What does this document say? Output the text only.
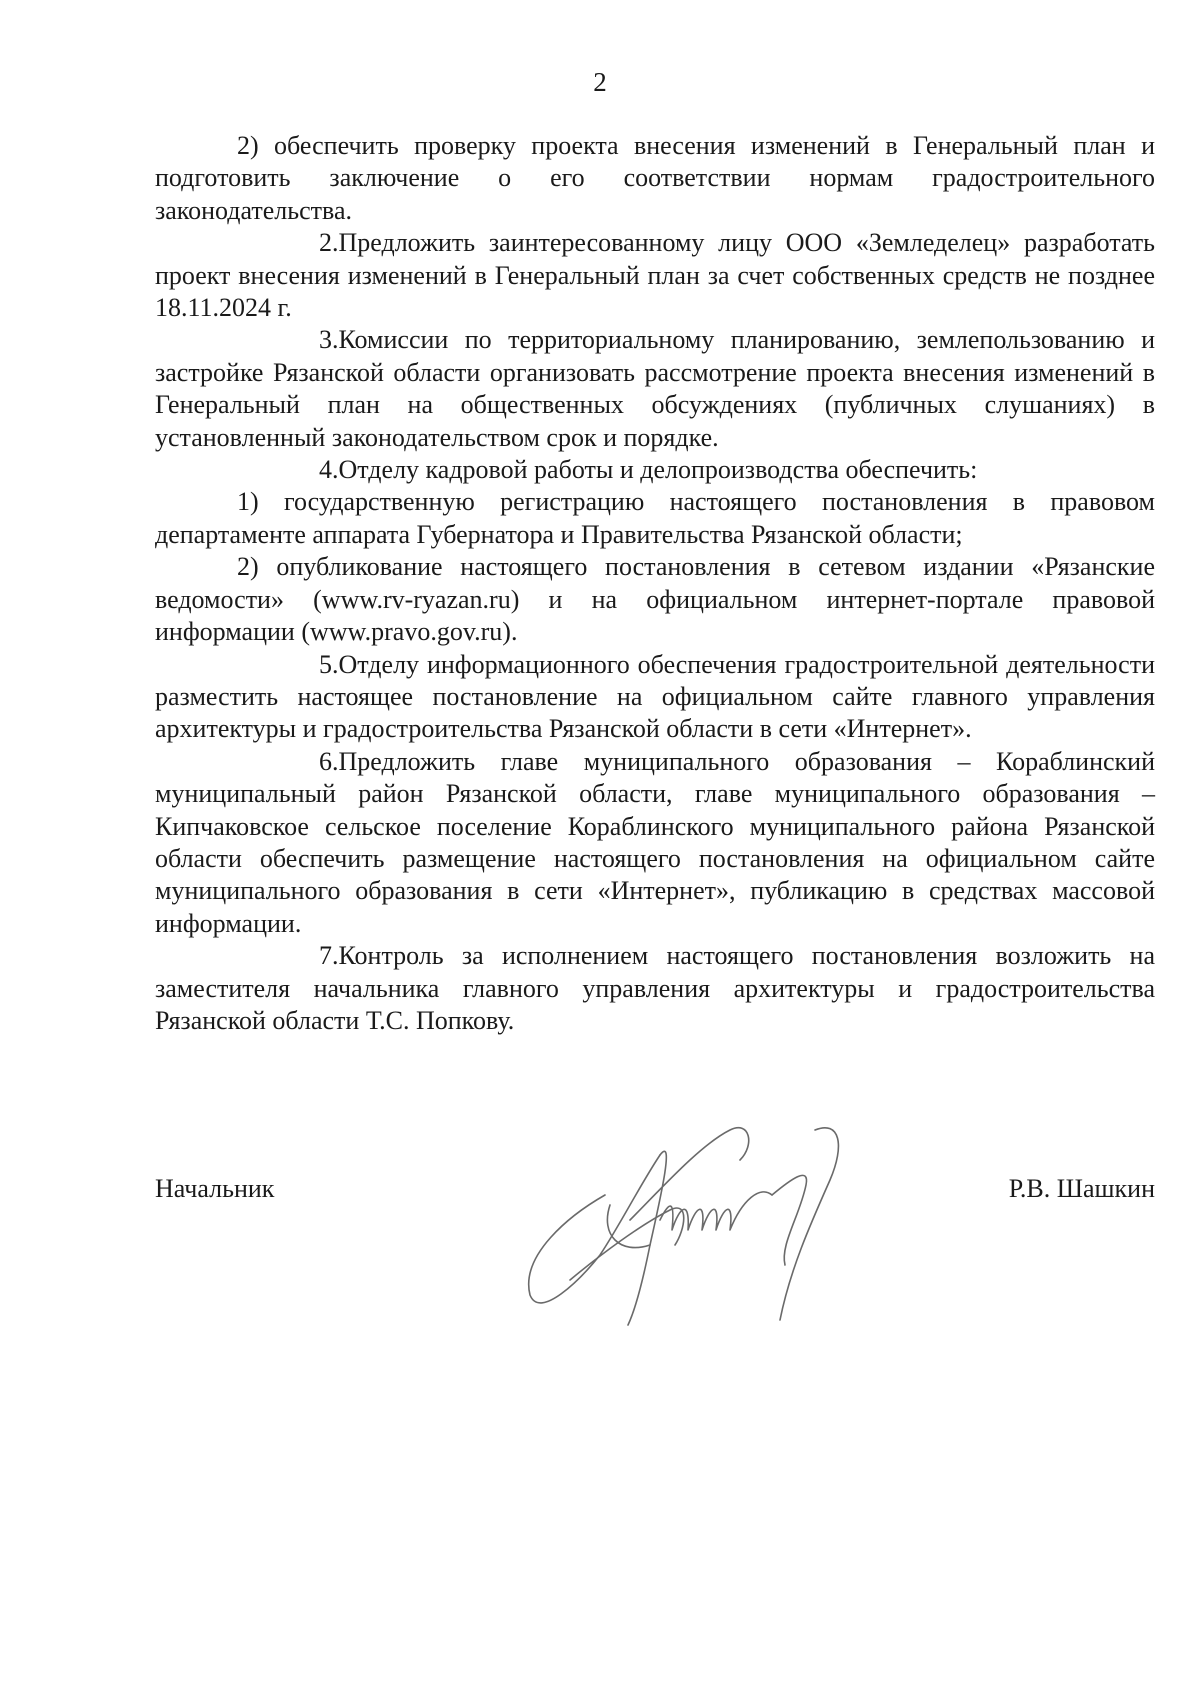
2

2) обеспечить проверку проекта внесения изменений в Генеральный план и подготовить заключение о его соответствии нормам градостроительного законодательства.

2.Предложить заинтересованному лицу ООО «Земледелец» разработать проект внесения изменений в Генеральный план за счет собственных средств не позднее 18.11.2024 г.

3.Комиссии по территориальному планированию, землепользованию и застройке Рязанской области организовать рассмотрение проекта внесения изменений в Генеральный план на общественных обсуждениях (публичных слушаниях) в установленный законодательством срок и порядке.

4.Отделу кадровой работы и делопроизводства обеспечить:

1) государственную регистрацию настоящего постановления в правовом департаменте аппарата Губернатора и Правительства Рязанской области;

2) опубликование настоящего постановления в сетевом издании «Рязанские ведомости» (www.rv-ryazan.ru) и на официальном интернет-портале правовой информации (www.pravo.gov.ru).

5.Отделу информационного обеспечения градостроительной деятельности разместить настоящее постановление на официальном сайте главного управления архитектуры и градостроительства Рязанской области в сети «Интернет».

6.Предложить главе муниципального образования – Кораблинский муниципальный район Рязанской области, главе муниципального образования – Кипчаковское сельское поселение Кораблинского муниципального района Рязанской области обеспечить размещение настоящего постановления на официальном сайте муниципального образования в сети «Интернет», публикацию в средствах массовой информации.

7.Контроль за исполнением настоящего постановления возложить на заместителя начальника главного управления архитектуры и градостроительства Рязанской области Т.С. Попкову.

Начальник	Р.В. Шашкин
